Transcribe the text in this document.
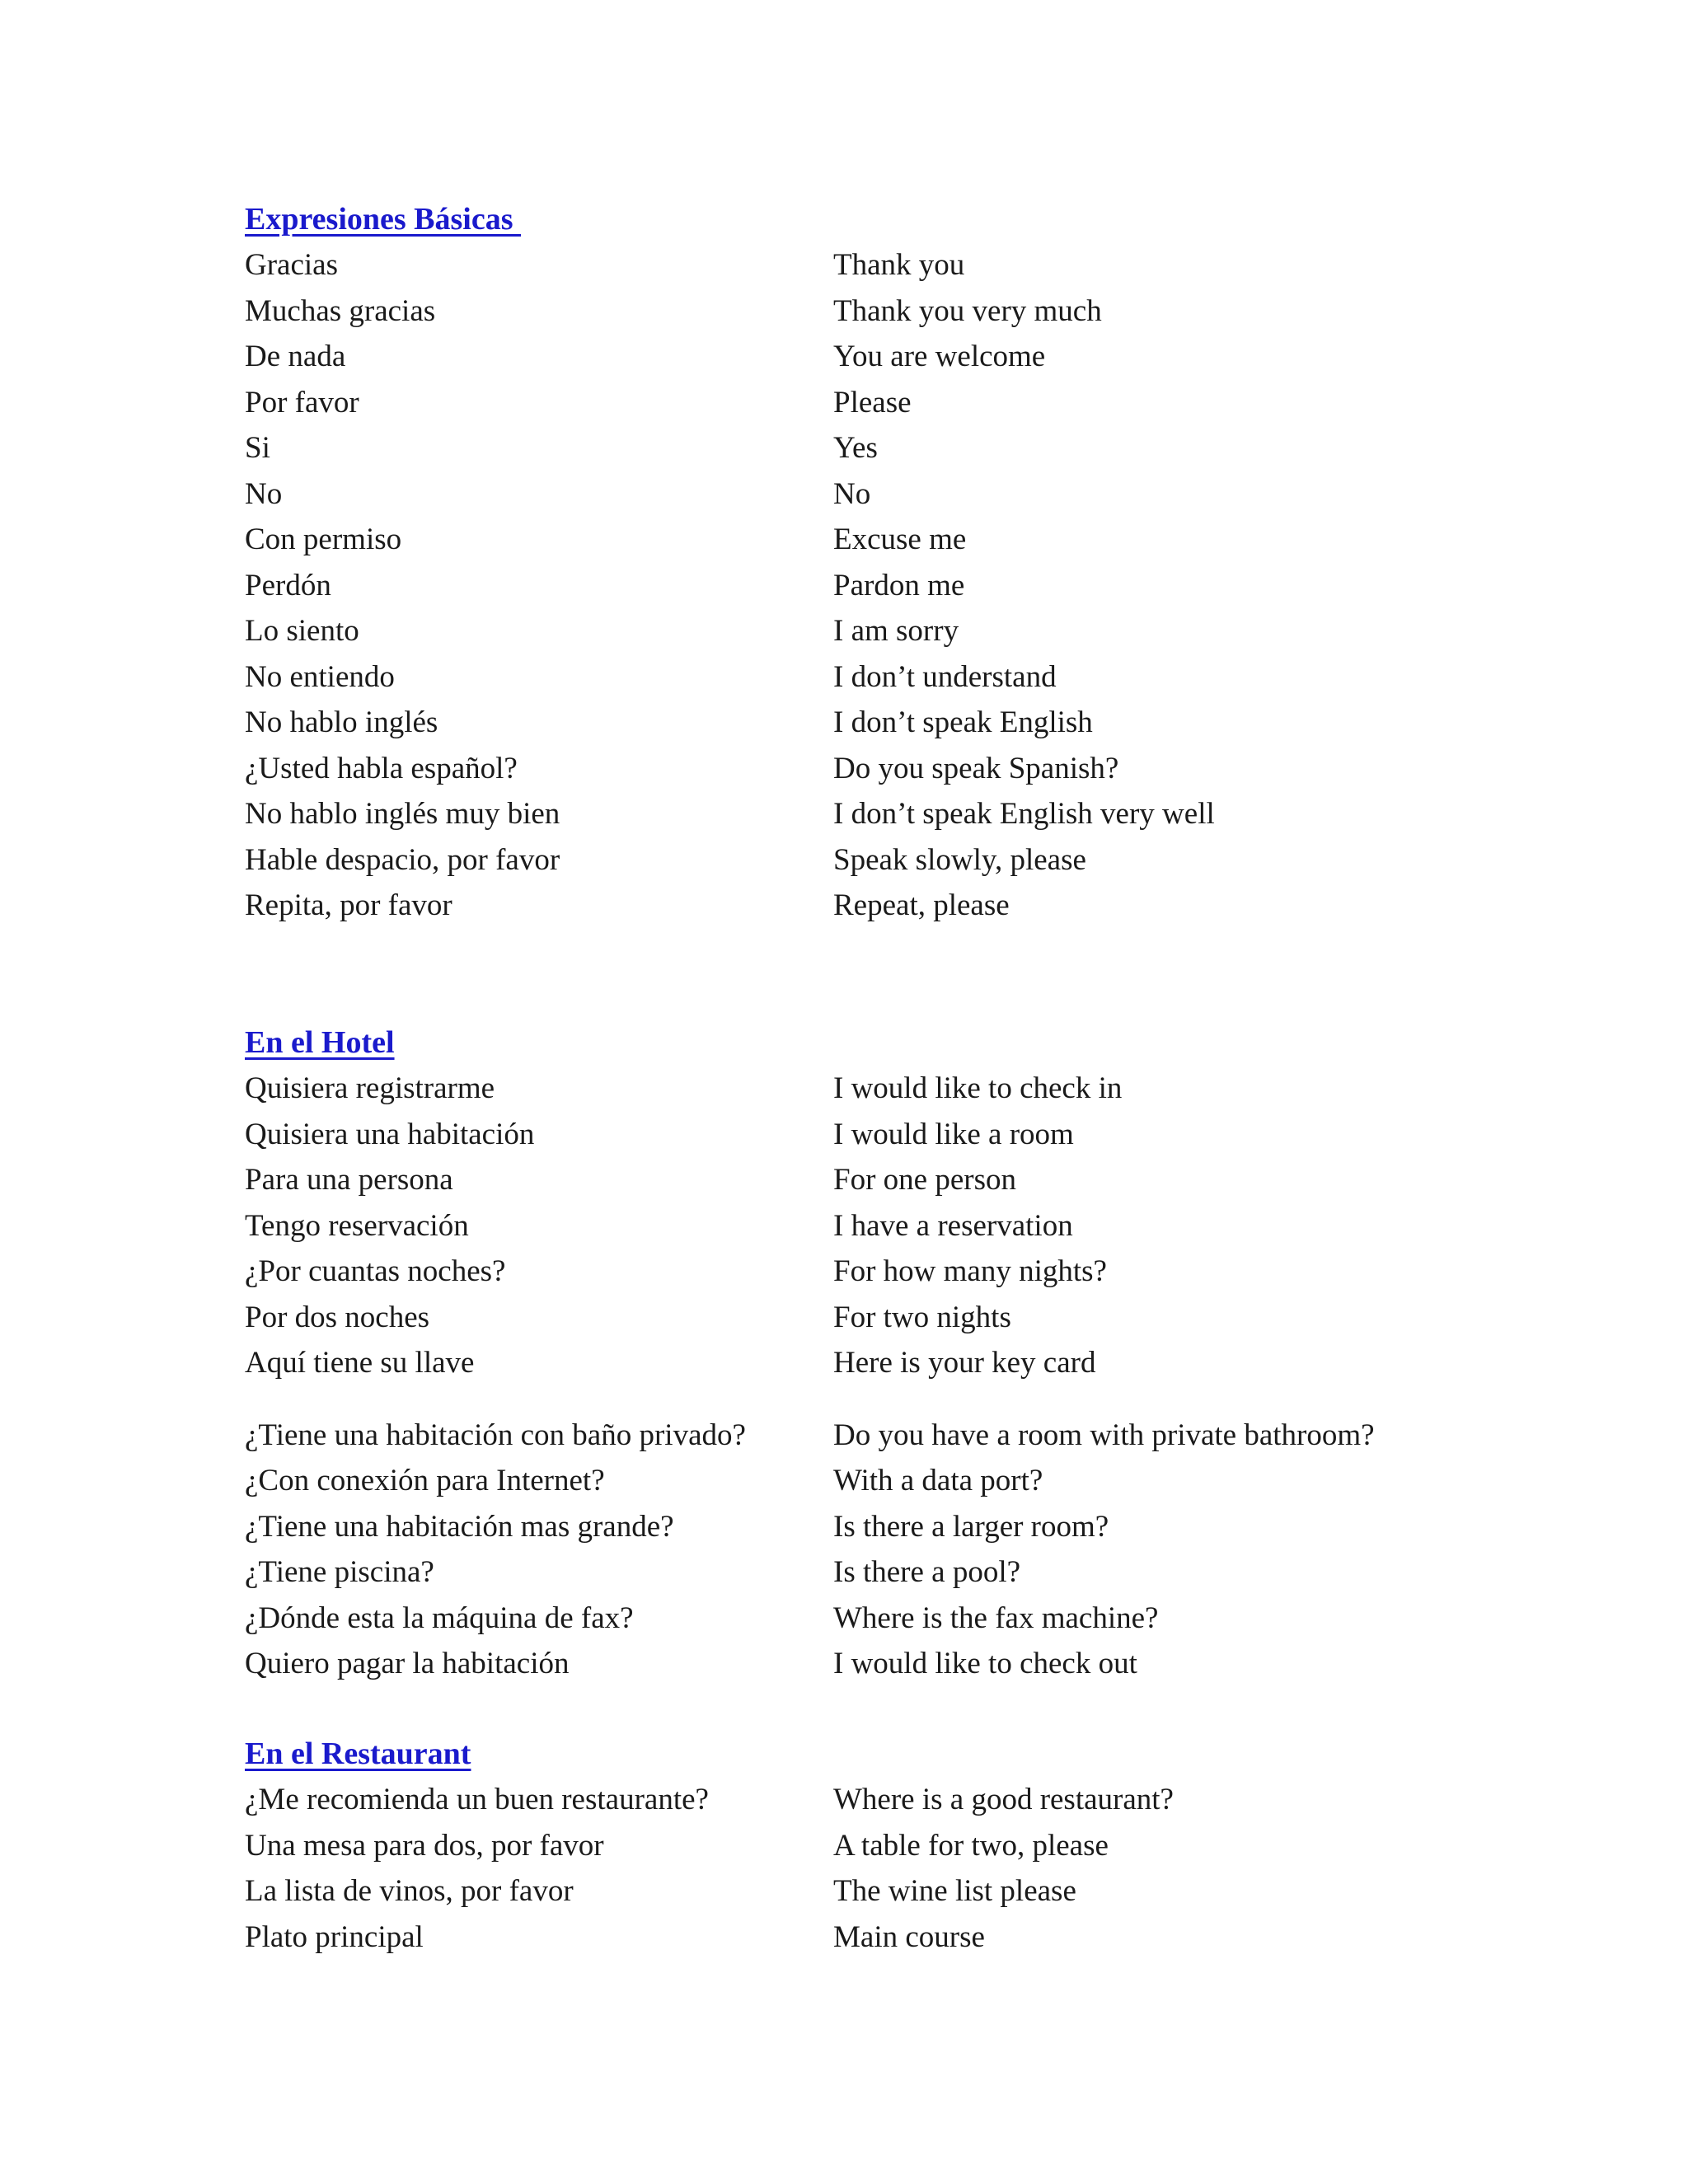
Expresiones Básicas
Gracias	Thank you
Muchas gracias	Thank you very much
De nada	You are welcome
Por favor	Please
Si	Yes
No	No
Con permiso	Excuse me
Perdón	Pardon me
Lo siento	I am sorry
No entiendo	I don’t understand
No hablo inglés	I don’t speak English
¿Usted habla español?	Do you speak Spanish?
No hablo inglés muy bien	I don’t speak English very well
Hable despacio, por favor	Speak slowly, please
Repita, por favor	Repeat, please
En el Hotel
Quisiera registrarme	I would like to check in
Quisiera una habitación	I would like a room
Para una persona	For one person
Tengo reservación	I have a reservation
¿Por cuantas noches?	For how many nights?
Por dos noches	For two nights
Aquí tiene su llave	Here is your key card
¿Tiene una habitación con baño privado?	Do you have a room with private bathroom?
¿Con conexión para Internet?	With a data port?
¿Tiene una habitación mas grande?	Is there a larger room?
¿Tiene piscina?	Is there a pool?
¿Dónde esta la máquina de fax?	Where is the fax machine?
Quiero pagar la habitación	I would like to check out
En el Restaurant
¿Me recomienda un buen restaurante?	Where is a good restaurant?
Una mesa para dos, por favor	A table for two, please
La lista de vinos, por favor	The wine list please
Plato principal	Main course
